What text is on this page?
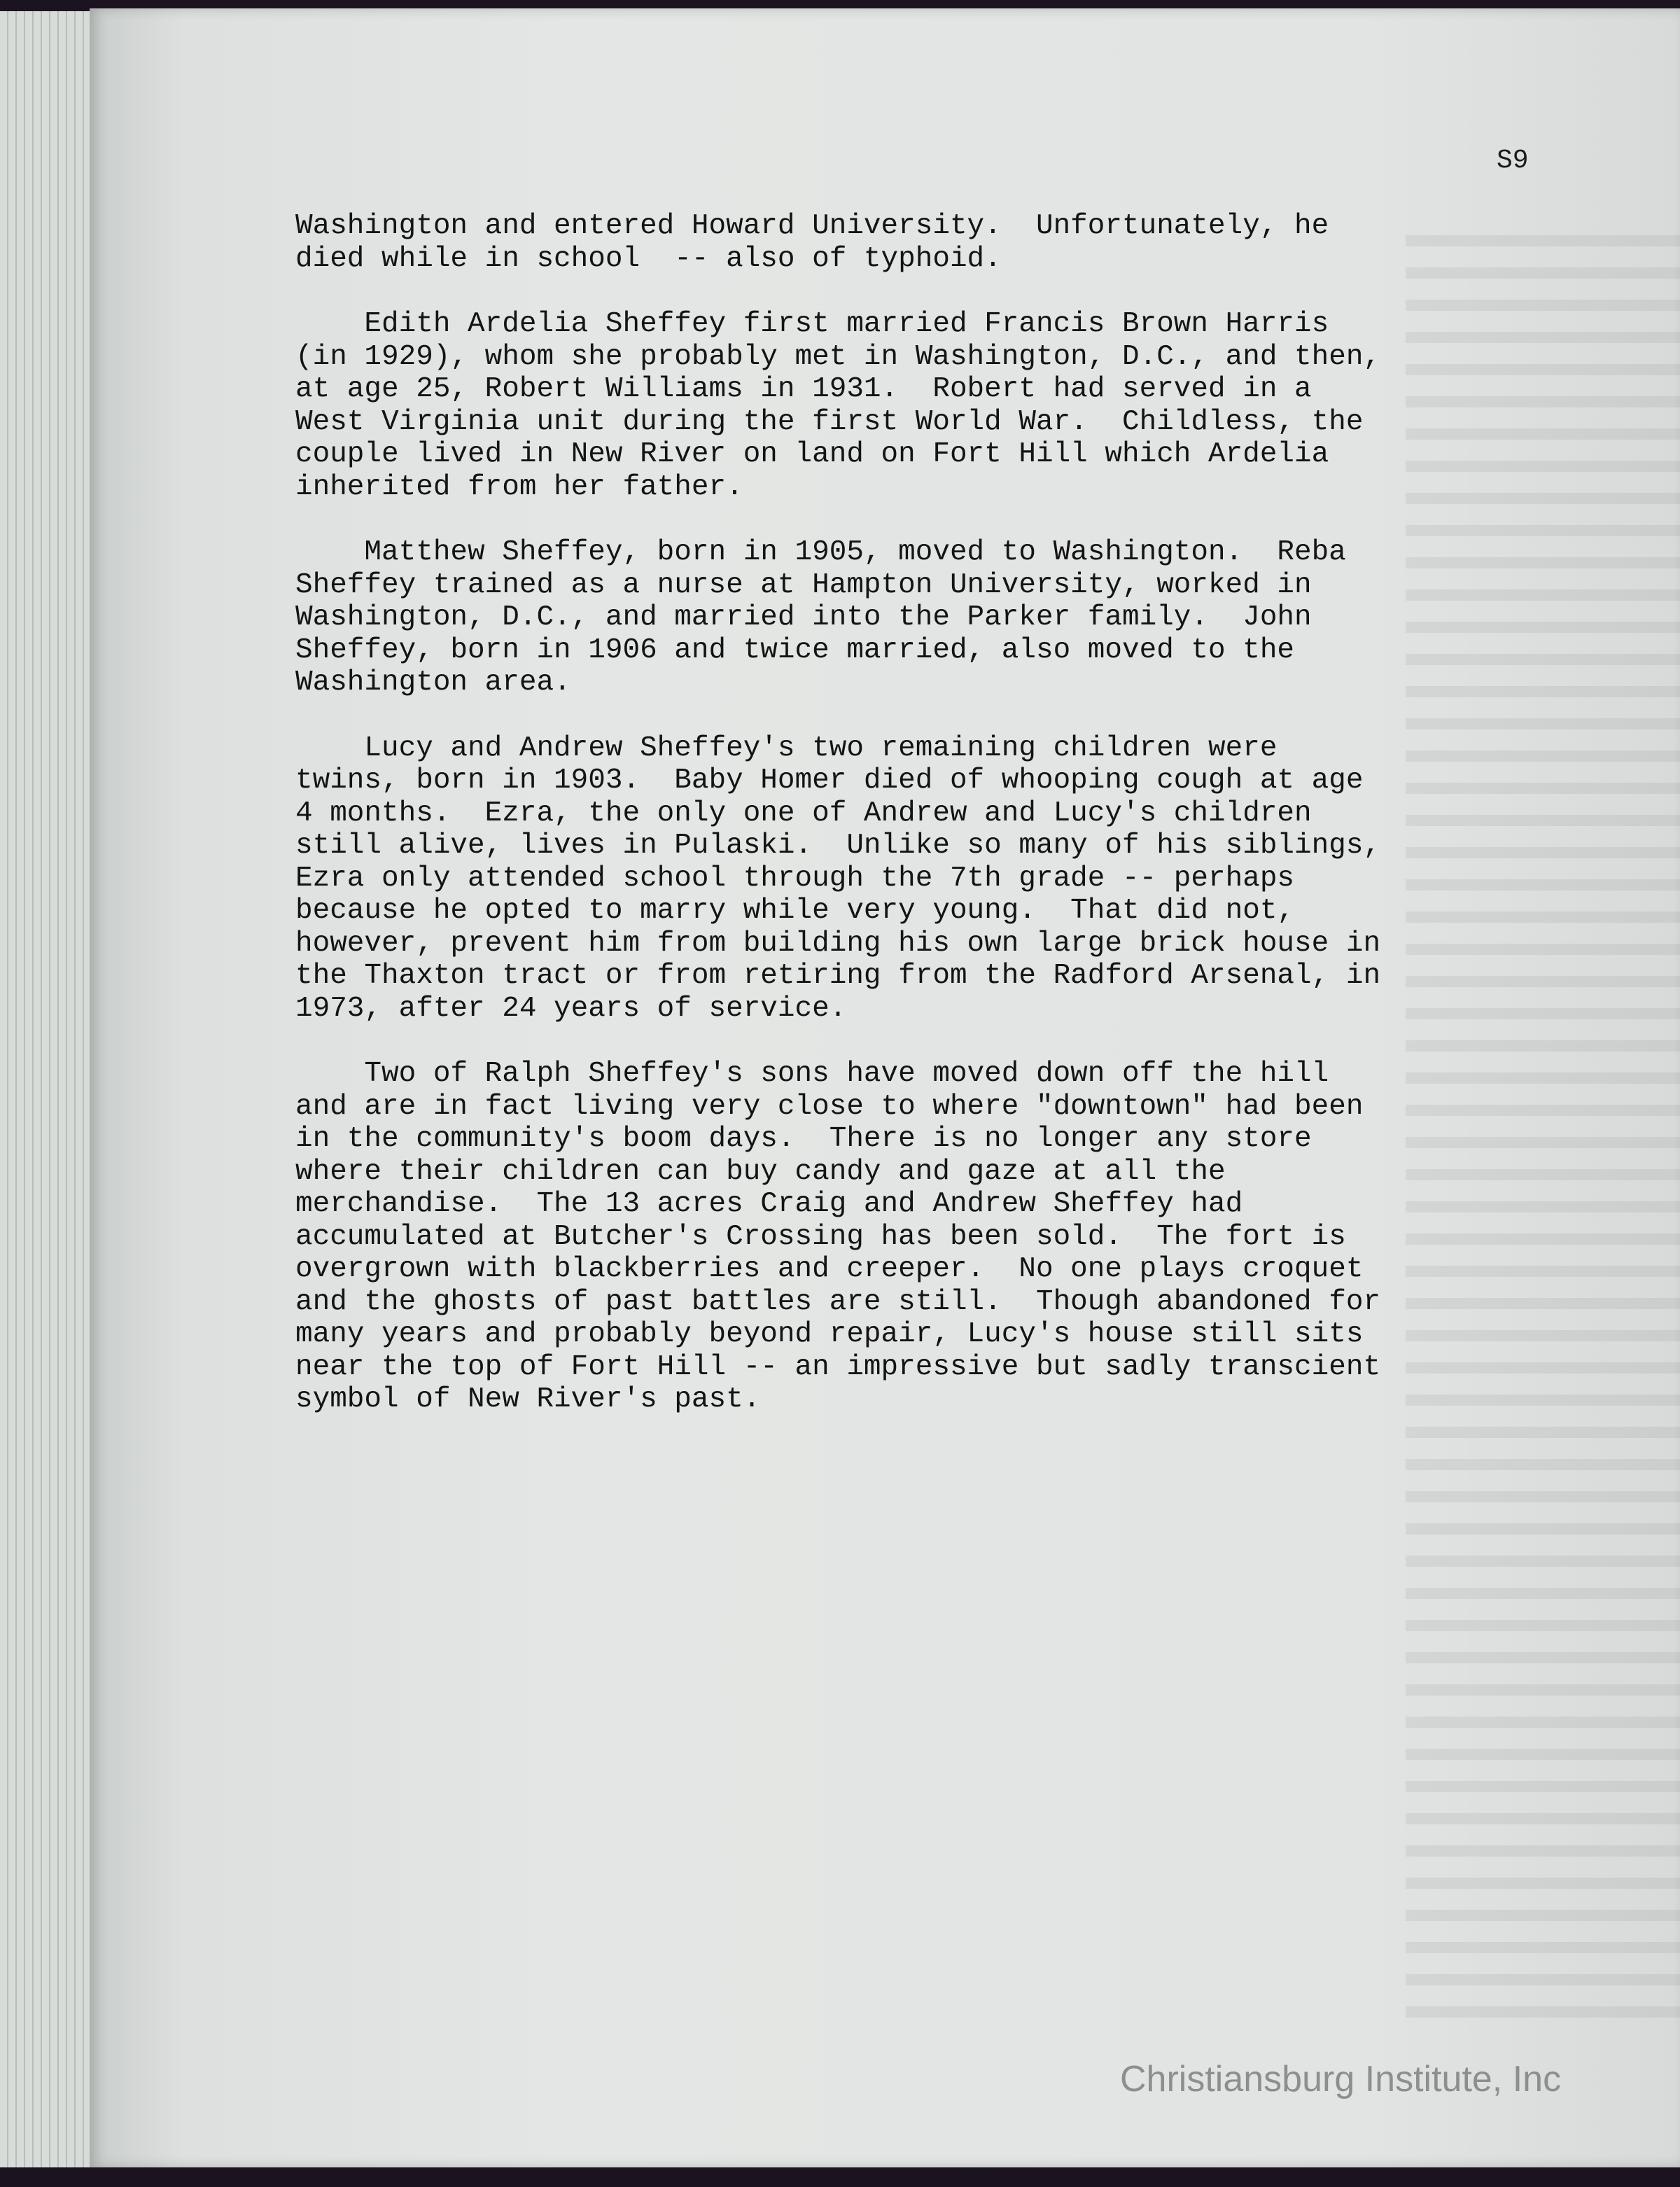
S9
Washington and entered Howard University.  Unfortunately, he
died while in school  -- also of typhoid.
Edith Ardelia Sheffey first married Francis Brown Harris
(in 1929), whom she probably met in Washington, D.C., and then,
at age 25, Robert Williams in 1931.  Robert had served in a
West Virginia unit during the first World War.  Childless, the
couple lived in New River on land on Fort Hill which Ardelia
inherited from her father.
Matthew Sheffey, born in 1905, moved to Washington.  Reba
Sheffey trained as a nurse at Hampton University, worked in
Washington, D.C., and married into the Parker family.  John
Sheffey, born in 1906 and twice married, also moved to the
Washington area.
Lucy and Andrew Sheffey's two remaining children were
twins, born in 1903.  Baby Homer died of whooping cough at age
4 months.  Ezra, the only one of Andrew and Lucy's children
still alive, lives in Pulaski.  Unlike so many of his siblings,
Ezra only attended school through the 7th grade -- perhaps
because he opted to marry while very young.  That did not,
however, prevent him from building his own large brick house in
the Thaxton tract or from retiring from the Radford Arsenal, in
1973, after 24 years of service.
Two of Ralph Sheffey's sons have moved down off the hill
and are in fact living very close to where "downtown" had been
in the community's boom days.  There is no longer any store
where their children can buy candy and gaze at all the
merchandise.  The 13 acres Craig and Andrew Sheffey had
accumulated at Butcher's Crossing has been sold.  The fort is
overgrown with blackberries and creeper.  No one plays croquet
and the ghosts of past battles are still.  Though abandoned for
many years and probably beyond repair, Lucy's house still sits
near the top of Fort Hill -- an impressive but sadly transcient
symbol of New River's past.
Christiansburg Institute, Inc
